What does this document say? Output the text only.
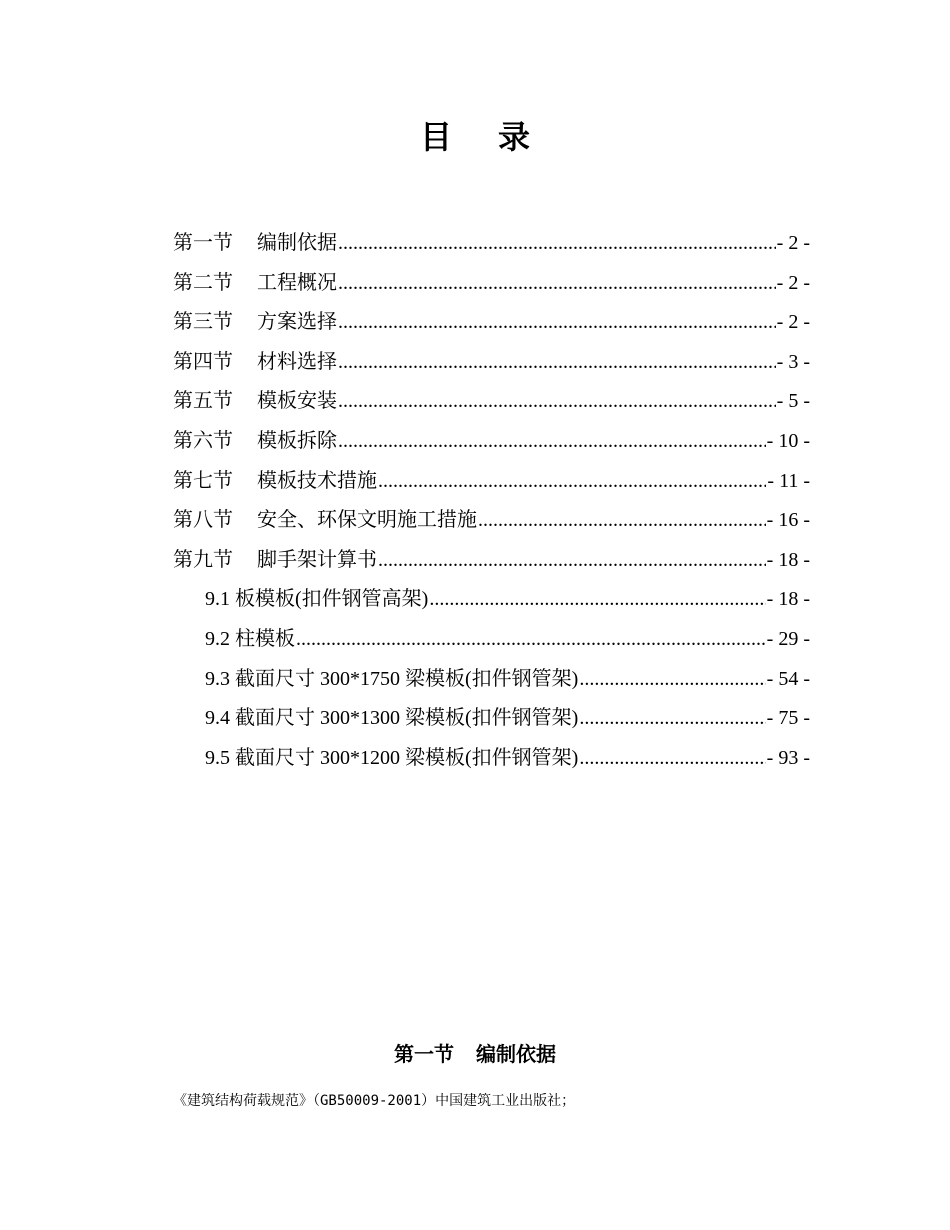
目 录
第一节 编制依据 .....	- 2 -
第二节 工程概况 .....	- 2 -
第三节 方案选择 .....	- 2 -
第四节 材料选择 .....	- 3 -
第五节 模板安装 .....	- 5 -
第六节 模板拆除 .....	- 10 -
第七节 模板技术措施 .....	- 11 -
第八节 安全、环保文明施工措施 .....	- 16 -
第九节 脚手架计算书 .....	- 18 -
9.1 板模板(扣件钢管高架) .....	- 18 -
9.2 柱模板 .....	- 29 -
9.3 截面尺寸 300*1750 梁模板(扣件钢管架) .....	- 54 -
9.4 截面尺寸 300*1300 梁模板(扣件钢管架) .....	- 75 -
9.5 截面尺寸 300*1200 梁模板(扣件钢管架) .....	- 93 -
第一节 编制依据
《建筑结构荷载规范》（GB50009-2001）中国建筑工业出版社；
